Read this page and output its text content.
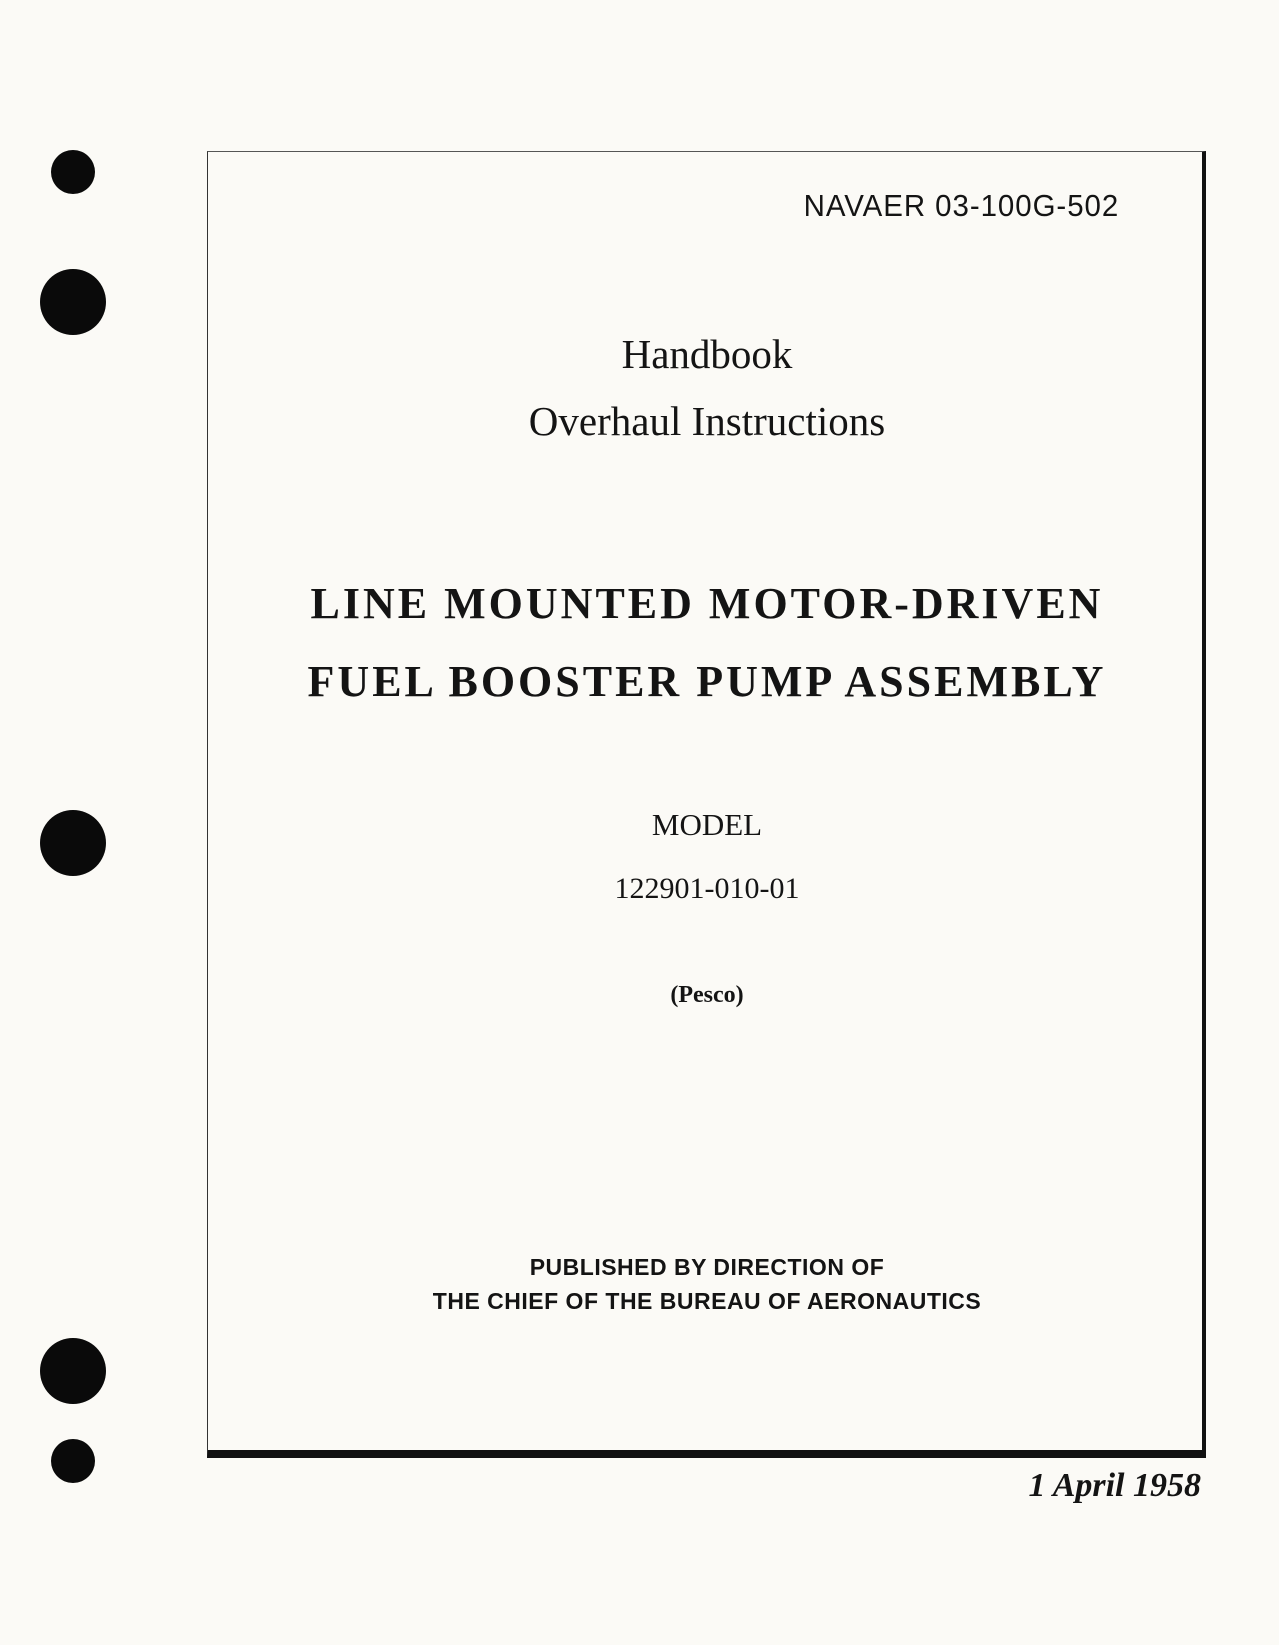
NAVAER 03-100G-502
Handbook
Overhaul Instructions
LINE MOUNTED MOTOR-DRIVEN
FUEL BOOSTER PUMP ASSEMBLY
MODEL
122901-010-01
(Pesco)
PUBLISHED BY DIRECTION OF
THE CHIEF OF THE BUREAU OF AERONAUTICS
1 April 1958
